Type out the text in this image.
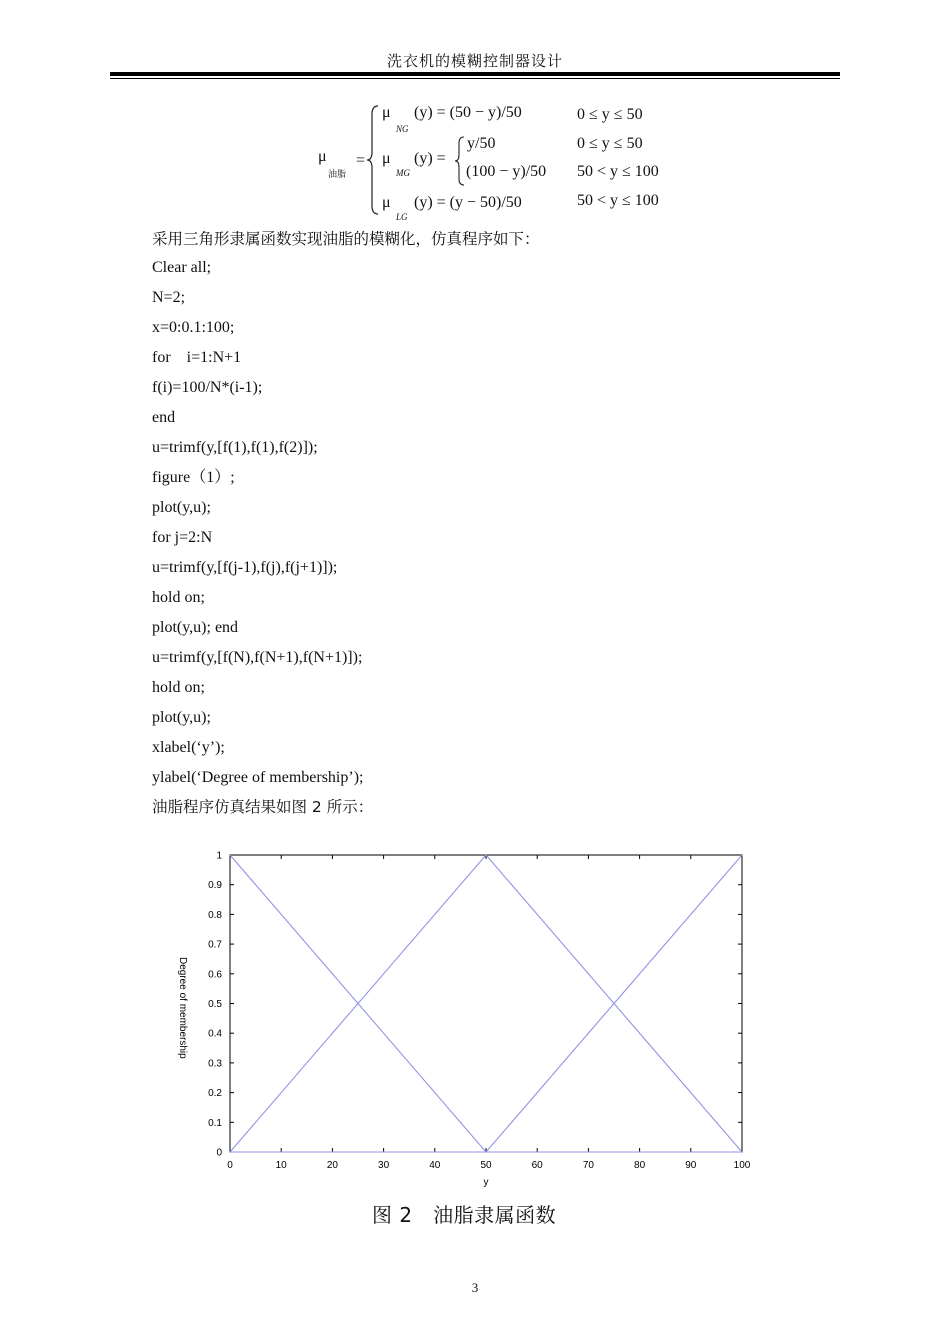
洗衣机的模糊控制器设计
μ
油脂
=
μ
NG
(y) = (50 − y)/50	0 ≤ y ≤ 50
μ
MG
(y) =
y/50	0 ≤ y ≤ 50
(100 − y)/50 50 < y ≤ 100
μ
LG
(y) = (y − 50)/50	50 < y ≤ 100
采用三角形隶属函数实现油脂的模糊化，仿真程序如下：
Clear all;
N=2;
x=0:0.1:100;
for    i=1:N+1
f(i)=100/N*(i-1);
end
u=trimf(y,[f(1),f(1),f(2)]);
figure（1）;
plot(y,u);
for j=2:N
u=trimf(y,[f(j-1),f(j),f(j+1)]);
hold on;
plot(y,u); end
u=trimf(y,[f(N),f(N+1),f(N+1)]);
hold on;
plot(y,u);
xlabel(‘y’);
ylabel(‘Degree of membership’);
油脂程序仿真结果如图 2 所示：
0	10	20	30	40	50	60	70	80	90	100
0
0.1
0.2
0.3
0.4
0.5
0.6
0.7
0.8
0.9
1
y
Degree of membership
图 2 油脂隶属函数
3
